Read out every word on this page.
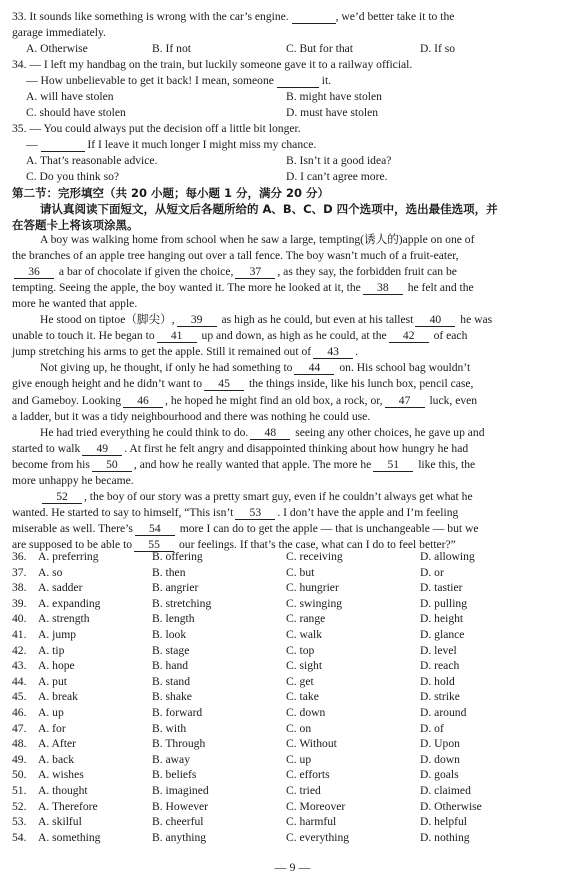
33. It sounds like something is wrong with the car’s engine.	, we’d better take it to the
garage immediately.
A. Otherwise	B. If not	C. But for that	D. If so
34. — I left my handbag on the train, but luckily someone gave it to a railway official.
— How unbelievable to get it back! I mean, someone	it.
A. will have stolen	B. might have stolen
C. should have stolen	D. must have stolen
35. — You could always put the decision off a little bit longer.
—	If I leave it much longer I might miss my chance.
A. That’s reasonable advice.	B. Isn’t it a good idea?
C. Do you think so?	D. I can’t agree more.
第二节：完形填空（共 20 小题；每小题 1 分，满分 20 分）
请认真阅读下面短文，从短文后各题所给的 A、B、C、D 四个选项中，选出最佳选项，并
在答题卡上将该项涂黑。
A boy was walking home from school when he saw a large, tempting(诱人的)apple on one of
the branches of an apple tree hanging out over a tall fence. The boy wasn’t much of a fruit-eater,
36 a bar of chocolate if given the choice, 37 , as they say, the forbidden fruit can be
tempting. Seeing the apple, the boy wanted it. The more he looked at it, the 38 he felt and the
more he wanted that apple.
He stood on tiptoe（脚尖）, 39 as high as he could, but even at his tallest 40 he was
unable to touch it. He began to 41 up and down, as high as he could, at the 42 of each
jump stretching his arms to get the apple. Still it remained out of 43 .
Not giving up, he thought, if only he had something to 44 on. His school bag wouldn’t
give enough height and he didn’t want to 45 the things inside, like his lunch box, pencil case,
and Gameboy. Looking 46 , he hoped he might find an old box, a rock, or, 47 luck, even
a ladder, but it was a tidy neighbourhood and there was nothing he could use.
He had tried everything he could think to do. 48 seeing any other choices, he gave up and
started to walk 49 . At first he felt angry and disappointed thinking about how hungry he had
become from his 50 , and how he really wanted that apple. The more he 51 like this, the
more unhappy he became.
52 , the boy of our story was a pretty smart guy, even if he couldn’t always get what he
wanted. He started to say to himself, “This isn’t 53 . I don’t have the apple and I’m feeling
miserable as well. There’s 54 more I can do to get the apple — that is unchangeable — but we
are supposed to be able to 55 our feelings. If that’s the case, what can I do to feel better?”
36. A. preferring	B. offering	C. receiving	D. allowing
37. A. so	B. then	C. but	D. or
38. A. sadder	B. angrier	C. hungrier	D. tastier
39. A. expanding	B. stretching	C. swinging	D. pulling
40. A. strength	B. length	C. range	D. height
41. A. jump	B. look	C. walk	D. glance
42. A. tip	B. stage	C. top	D. level
43. A. hope	B. hand	C. sight	D. reach
44. A. put	B. stand	C. get	D. hold
45. A. break	B. shake	C. take	D. strike
46. A. up	B. forward	C. down	D. around
47. A. for	B. with	C. on	D. of
48. A. After	B. Through	C. Without	D. Upon
49. A. back	B. away	C. up	D. down
50. A. wishes	B. beliefs	C. efforts	D. goals
51. A. thought	B. imagined	C. tried	D. claimed
52. A. Therefore	B. However	C. Moreover	D. Otherwise
53. A. skilful	B. cheerful	C. harmful	D. helpful
54. A. something	B. anything	C. everything	D. nothing
— 9 —
